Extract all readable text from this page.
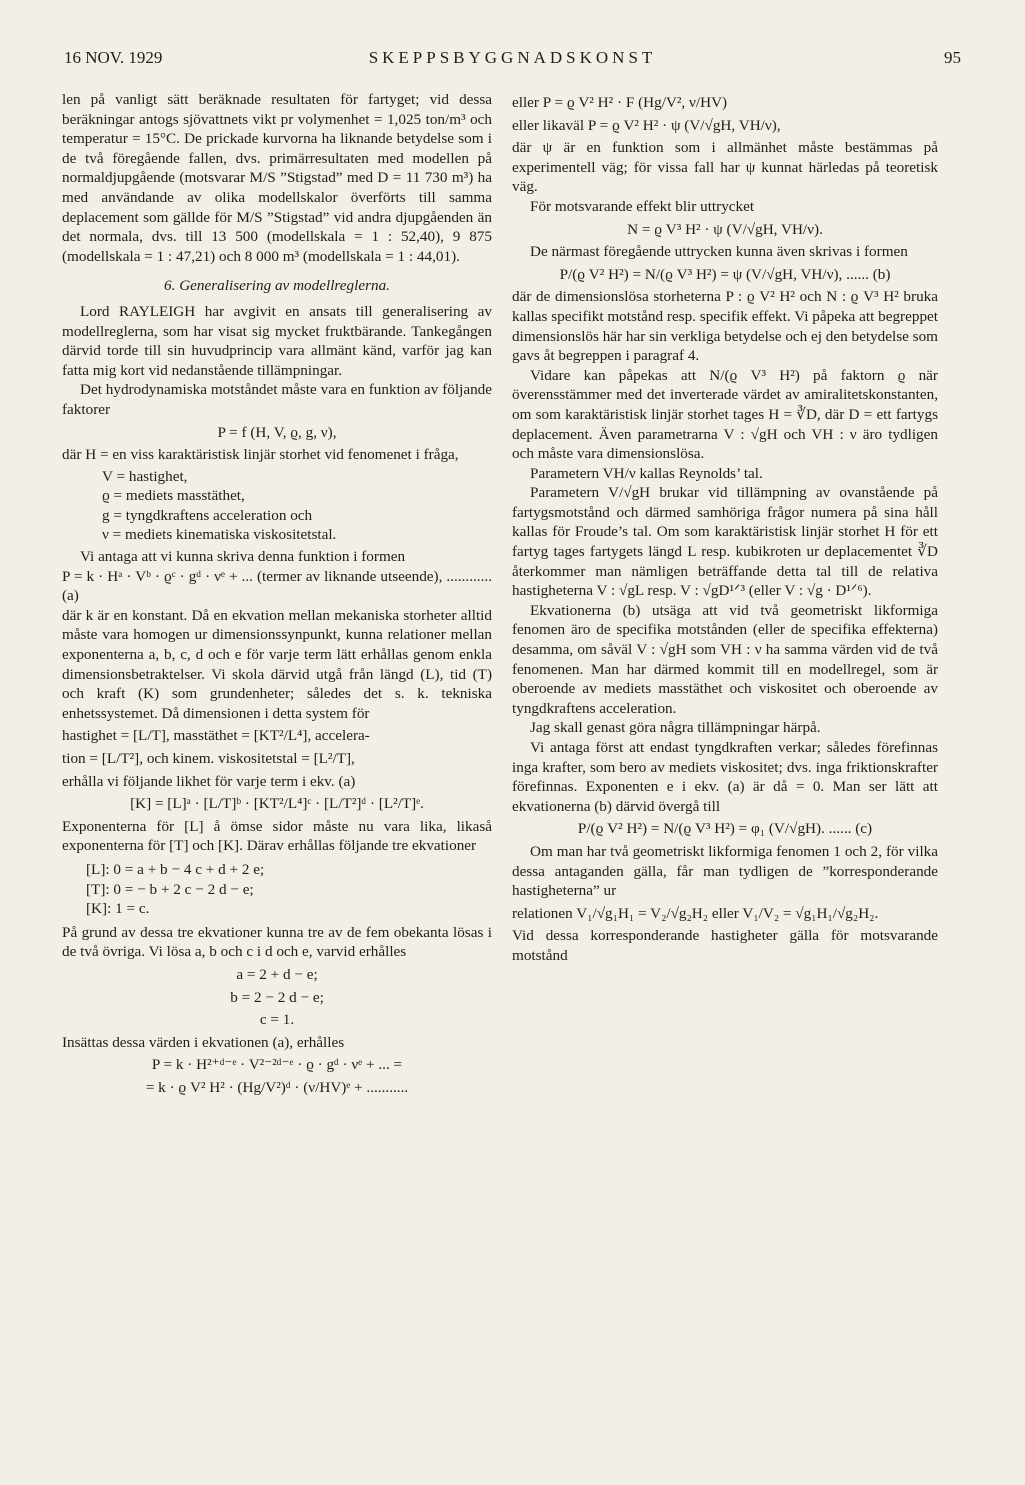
16 NOV. 1929	SKEPPSBYGGNADSKONST	95

len på vanligt sätt beräknade resultaten för fartyget; vid dessa beräkningar antogs sjövattnets vikt pr volymenhet = 1,025 ton/m³ och temperatur = 15°C. De prickade kurvorna ha liknande betydelse som i de två föregående fallen, dvs. primärresultaten med modellen på normaldjupgående (motsvarar M/S ”Stigstad” med D = 11 730 m³) ha med användande av olika modellskalor överförts till samma deplacement som gällde för M/S ”Stigstad” vid andra djupgåenden än det normala, dvs. till 13 500 (modellskala = 1 : 52,40), 9 875 (modellskala = 1 : 47,21) och 8 000 m³ (modellskala = 1 : 44,01).

6. Generalisering av modellreglerna.

Lord RAYLEIGH har avgivit en ansats till generalisering av modellreglerna, som har visat sig mycket fruktbärande. Tankegången därvid torde till sin huvudprincip vara allmänt känd, varför jag kan fatta mig kort vid nedanstående tillämpningar.

Det hydrodynamiska motståndet måste vara en funktion av följande faktorer

P = f (H, V, ϱ, g, ν),
där H = en viss karaktäristisk linjär storhet vid fenomenet i fråga,
V = hastighet,
ϱ = mediets masstäthet,
g = tyngdkraftens acceleration och
ν = mediets kinematiska viskositetstal.

Vi antaga att vi kunna skriva denna funktion i formen

P = k · Hᵃ · Vᵇ · ϱᶜ · gᵈ · νᵉ + ... (termer av liknande utseende), ............ (a)

där k är en konstant. Då en ekvation mellan mekaniska storheter alltid måste vara homogen ur dimensionssynpunkt, kunna relationer mellan exponenterna a, b, c, d och e för varje term lätt erhållas genom enkla dimensionsbetraktelser. Vi skola därvid utgå från längd (L), tid (T) och kraft (K) som grundenheter; således det s. k. tekniska enhetssystemet. Då dimensionen i detta system för

hastighet = [L/T], masstäthet = [KT²/L⁴], accelera-
tion = [L/T²], och kinem. viskositetstal = [L²/T],

erhålla vi följande likhet för varje term i ekv. (a)

[K] = [L]ᵃ · [L/T]ᵇ · [KT²/L⁴]ᶜ · [L/T²]ᵈ · [L²/T]ᵉ.

Exponenterna för [L] å ömse sidor måste nu vara lika, likaså exponenterna för [T] och [K]. Därav erhållas följande tre ekvationer

[L]: 0 = a + b − 4 c + d + 2 e;
[T]: 0 = − b + 2 c − 2 d − e;
[K]: 1 = c.

På grund av dessa tre ekvationer kunna tre av de fem obekanta lösas i de två övriga. Vi lösa a, b och c i d och e, varvid erhålles

a = 2 + d − e;
b = 2 − 2 d − e;
c = 1.

Insättas dessa värden i ekvationen (a), erhålles

P = k · H²⁺ᵈ⁻ᵉ · V²⁻²ᵈ⁻ᵉ · ϱ · gᵈ · νᵉ + ... =
= k · ϱ V² H² · (Hg/V²)ᵈ · (ν/HV)ᵉ + ...........
eller P = ϱ V² H² · F (Hg/V², ν/HV)
eller likaväl P = ϱ V² H² · ψ (V/√gH, VH/ν),

där ψ är en funktion som i allmänhet måste bestämmas på experimentell väg; för vissa fall har ψ kunnat härledas på teoretisk väg.

För motsvarande effekt blir uttrycket

N = ϱ V³ H² · ψ (V/√gH, VH/ν).

De närmast föregående uttrycken kunna även skrivas i formen

P/(ϱ V² H²) = N/(ϱ V³ H²) = ψ (V/√gH, VH/ν), ...... (b)

där de dimensionslösa storheterna P : ϱ V² H² och N : ϱ V³ H² bruka kallas specifikt motstånd resp. specifik effekt. Vi påpeka att begreppet dimensionslös här har sin verkliga betydelse och ej den betydelse som gavs åt begreppen i paragraf 4.

Vidare kan påpekas att N/(ϱ V³ H²) på faktorn ϱ när överensstämmer med det inverterade värdet av amiralitetskonstanten, om som karaktäristisk linjär storhet tages H = ∛D, där D = ett fartygs deplacement. Även parametrarna V : √gH och VH : ν äro tydligen och måste vara dimensionslösa.

Parametern VH/ν kallas Reynolds’ tal.

Parametern V/√gH brukar vid tillämpning av ovanstående på fartygsmotstånd och därmed samhöriga frågor numera på sina håll kallas för Froude’s tal. Om som karaktäristisk linjär storhet H för ett fartyg tages fartygets längd L resp. kubikroten ur deplacementet ∛D återkommer man nämligen beträffande detta tal till de relativa hastigheterna V : √gL resp. V : √gD¹ᐟ³ (eller V : √g · D¹ᐟ⁶).

Ekvationerna (b) utsäga att vid två geometriskt likformiga fenomen äro de specifika motstånden (eller de specifika effekterna) desamma, om såväl V : √gH som VH : ν ha samma värden vid de två fenomenen. Man har därmed kommit till en modellregel, som är oberoende av mediets masstäthet och viskositet och oberoende av tyngdkraftens acceleration.

Jag skall genast göra några tillämpningar härpå.

Vi antaga först att endast tyngdkraften verkar; således förefinnas inga krafter, som bero av mediets viskositet; dvs. inga friktionskrafter förefinnas. Exponenten e i ekv. (a) är då = 0. Man ser lätt att ekvationerna (b) därvid övergå till

P/(ϱ V² H²) = N/(ϱ V³ H²) = φ₁ (V/√gH). ...... (c)

Om man har två geometriskt likformiga fenomen 1 och 2, för vilka dessa antaganden gälla, får man tydligen de ”korresponderande hastigheterna” ur

relationen V₁/√g₁H₁ = V₂/√g₂H₂ eller V₁/V₂ = √g₁H₁/√g₂H₂.

Vid dessa korresponderande hastigheter gälla för motsvarande motstånd
